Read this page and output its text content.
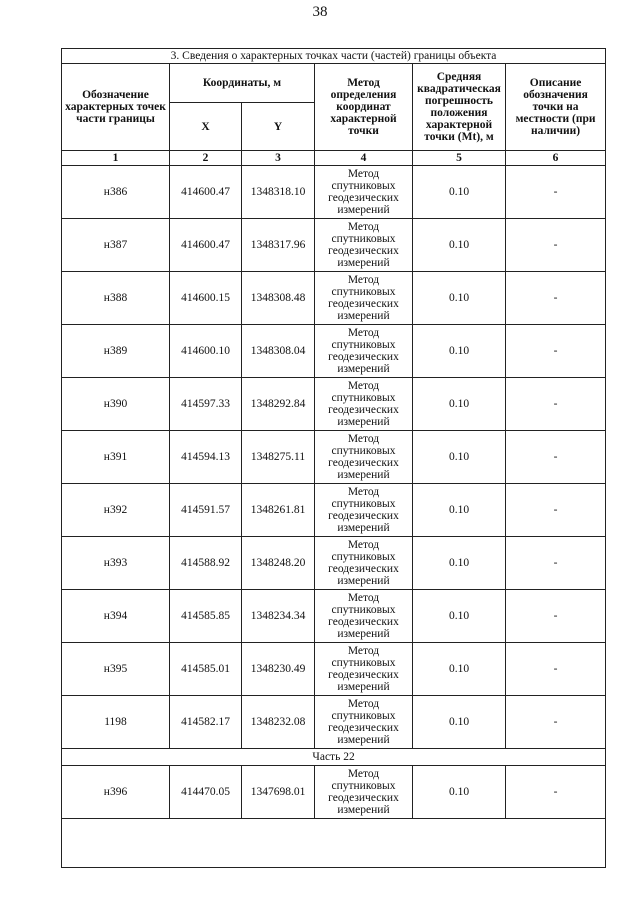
38
3. Сведения о характерных точках части (частей) границы объекта					
Обозначение характерных точек части границы	Координаты, м		Метод определения координат характерной точки	Средняя квадратическая погрешность положения характерной точки (Mt), м	Описание обозначения точки на местности (при наличии)
	X	Y			
1	2	3	4	5	6
н386	414600.47	1348318.10	Метод спутниковых геодезических измерений	0.10	-
н387	414600.47	1348317.96	Метод спутниковых геодезических измерений	0.10	-
н388	414600.15	1348308.48	Метод спутниковых геодезических измерений	0.10	-
н389	414600.10	1348308.04	Метод спутниковых геодезических измерений	0.10	-
н390	414597.33	1348292.84	Метод спутниковых геодезических измерений	0.10	-
н391	414594.13	1348275.11	Метод спутниковых геодезических измерений	0.10	-
н392	414591.57	1348261.81	Метод спутниковых геодезических измерений	0.10	-
н393	414588.92	1348248.20	Метод спутниковых геодезических измерений	0.10	-
н394	414585.85	1348234.34	Метод спутниковых геодезических измерений	0.10	-
н395	414585.01	1348230.49	Метод спутниковых геодезических измерений	0.10	-
1198	414582.17	1348232.08	Метод спутниковых геодезических измерений	0.10	-
Часть 22					
н396	414470.05	1347698.01	Метод спутниковых геодезических измерений	0.10	-
